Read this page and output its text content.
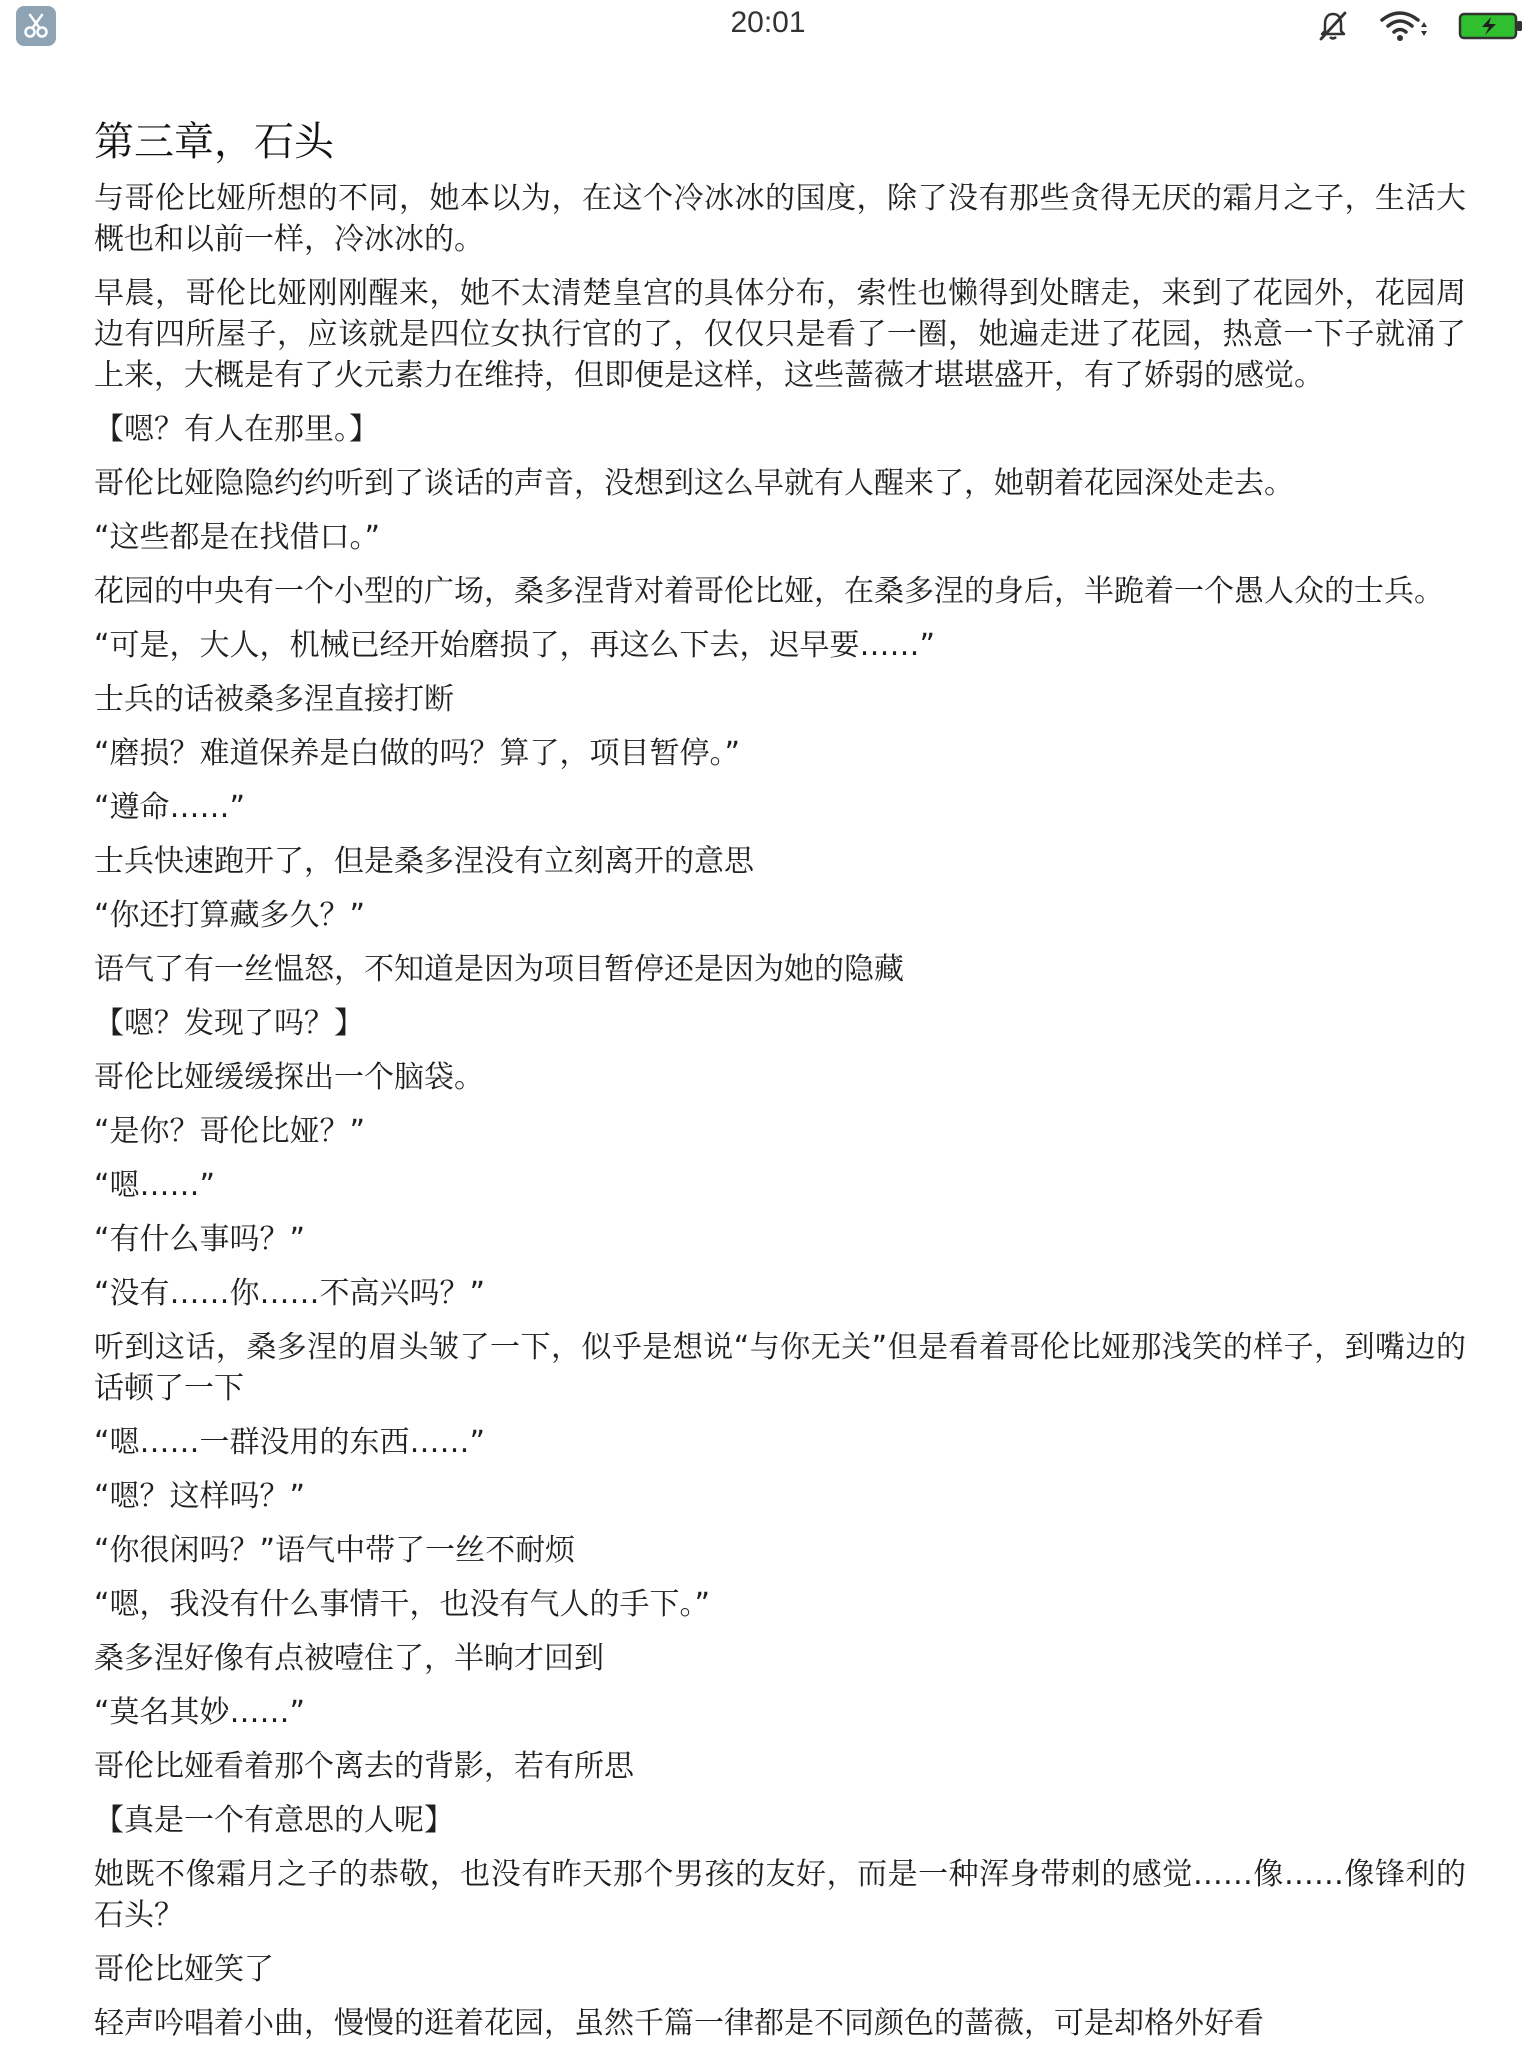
20:01
第三章，石头

与哥伦比娅所想的不同，她本以为，在这个冷冰冰的国度，除了没有那些贪得无厌的霜月之子，生活大概也和以前一样，冷冰冰的。

早晨，哥伦比娅刚刚醒来，她不太清楚皇宫的具体分布，索性也懒得到处瞎走，来到了花园外，花园周边有四所屋子，应该就是四位女执行官的了，仅仅只是看了一圈，她遍走进了花园，热意一下子就涌了上来，大概是有了火元素力在维持，但即便是这样，这些蔷薇才堪堪盛开，有了娇弱的感觉。

【嗯？有人在那里。】

哥伦比娅隐隐约约听到了谈话的声音，没想到这么早就有人醒来了，她朝着花园深处走去。

“这些都是在找借口。”

花园的中央有一个小型的广场，桑多涅背对着哥伦比娅，在桑多涅的身后，半跪着一个愚人众的士兵。

“可是，大人，机械已经开始磨损了，再这么下去，迟早要……”

士兵的话被桑多涅直接打断

“磨损？难道保养是白做的吗？算了，项目暂停。”

“遵命……”

士兵快速跑开了，但是桑多涅没有立刻离开的意思

“你还打算藏多久？”

语气了有一丝愠怒，不知道是因为项目暂停还是因为她的隐藏

【嗯？发现了吗？】

哥伦比娅缓缓探出一个脑袋。

“是你？哥伦比娅？”

“嗯……”

“有什么事吗？”

“没有……你……不高兴吗？”

听到这话，桑多涅的眉头皱了一下，似乎是想说“与你无关”但是看着哥伦比娅那浅笑的样子，到嘴边的话顿了一下

“嗯……一群没用的东西……”

“嗯？这样吗？”

“你很闲吗？”语气中带了一丝不耐烦

“嗯，我没有什么事情干，也没有气人的手下。”

桑多涅好像有点被噎住了，半晌才回到

“莫名其妙……”

哥伦比娅看着那个离去的背影，若有所思

【真是一个有意思的人呢】

她既不像霜月之子的恭敬，也没有昨天那个男孩的友好，而是一种浑身带刺的感觉……像……像锋利的石头？

哥伦比娅笑了

轻声吟唱着小曲，慢慢的逛着花园，虽然千篇一律都是不同颜色的蔷薇，可是却格外好看
